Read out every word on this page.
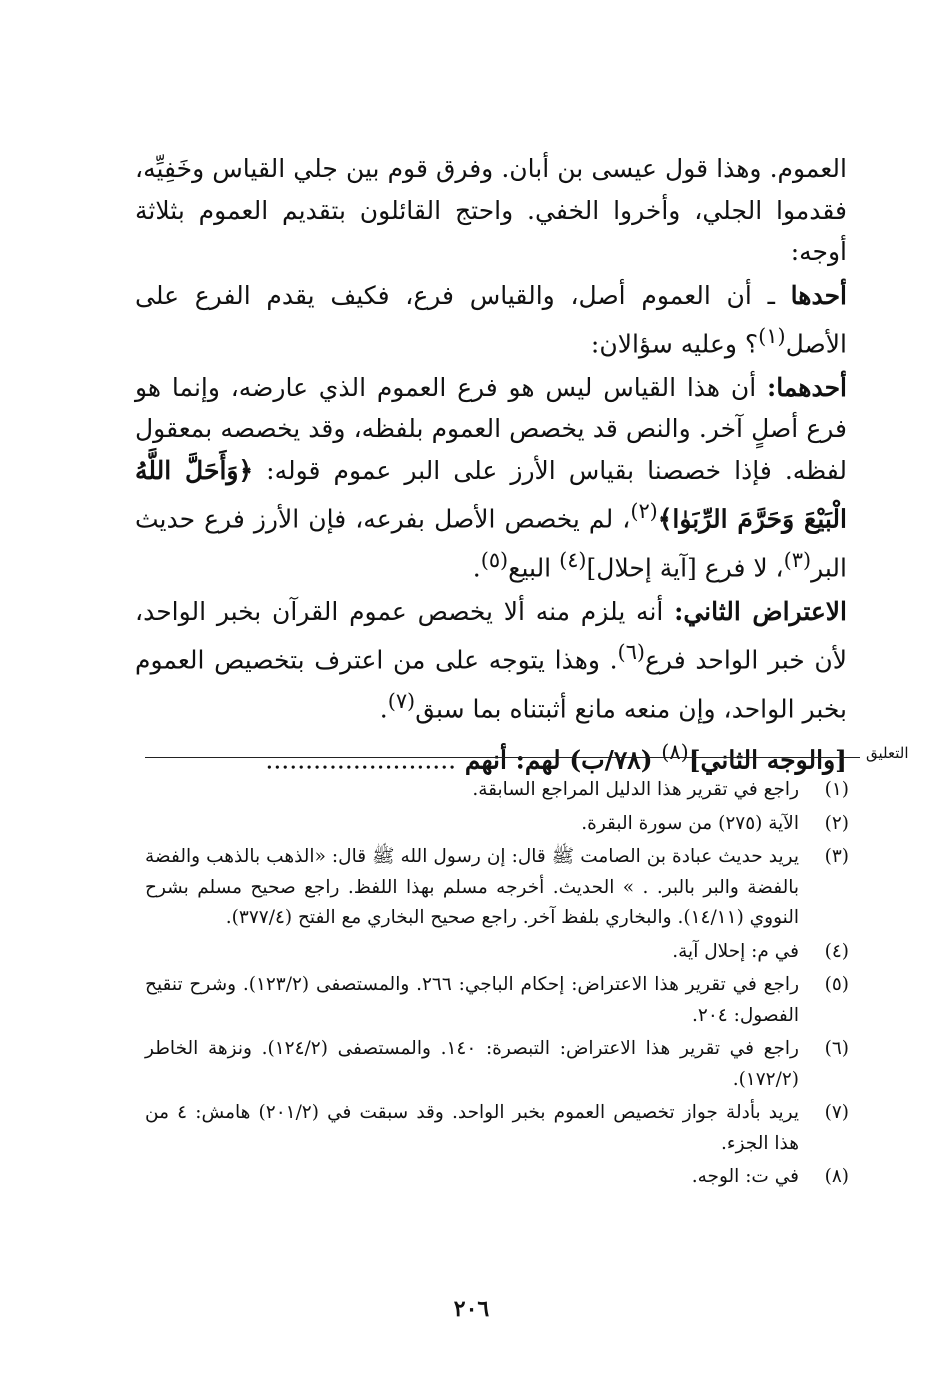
العموم. وهذا قول عيسى بن أبان. وفرق قوم بين جلي القياس وخَفِيِّه، فقدموا الجلي، وأخروا الخفي. واحتج القائلون بتقديم العموم بثلاثة أوجه:

أحدها ـ أن العموم أصل، والقياس فرع، فكيف يقدم الفرع على الأصل$^{(١)}$؟ وعليه سؤالان:

أحدهما: أن هذا القياس ليس هو فرع العموم الذي عارضه، وإنما هو فرع أصلٍ آخر. والنص قد يخصص العموم بلفظه، وقد يخصصه بمعقول لفظه. فإذا خصصنا بقياس الأرز على البر عموم قوله: ﴿وَأَحَلَّ اللَّهُ الْبَيْعَ وَحَرَّمَ الرِّبَوٰا﴾$^{(٢)}$، لم يخصص الأصل بفرعه، فإن الأرز فرع حديث البر$^{(٣)}$، لا فرع [آية إحلال]$^{(٤)}$ البيع$^{(٥)}$.

الاعتراض الثاني: أنه يلزم منه ألا يخصص عموم القرآن بخبر الواحد، لأن خبر الواحد فرع$^{(٦)}$. وهذا يتوجه على من اعترف بتخصيص العموم بخبر الواحد، وإن منعه مانع أثبتناه بما سبق$^{(٧)}$.

[والوجه الثاني]$^{(٨)}$ (٧٨/ب) لهم: أنهم ........................	التعليق
(١)
راجع في تقرير هذا الدليل المراجع السابقة.
(٢)
الآية (٢٧٥) من سورة البقرة.
(٣)
يريد حديث عبادة بن الصامت ﷺ قال: إن رسول الله ﷺ قال: «الذهب بالذهب والفضة بالفضة والبر بالبر. . » الحديث. أخرجه مسلم بهذا اللفظ. راجع صحيح مسلم بشرح النووي (١٤/١١). والبخاري بلفظ آخر. راجع صحيح البخاري مع الفتح (٣٧٧/٤).
(٤)
في م: إحلال آية.
(٥)
راجع في تقرير هذا الاعتراض: إحكام الباجي: ٢٦٦. والمستصفى (١٢٣/٢). وشرح تنقيح الفصول: ٢٠٤.
(٦)
راجع في تقرير هذا الاعتراض: التبصرة: ١٤٠. والمستصفى (١٢٤/٢). ونزهة الخاطر (١٧٢/٢).
(٧)
يريد بأدلة جواز تخصيص العموم بخبر الواحد. وقد سبقت في (٢٠١/٢) هامش: ٤ من هذا الجزء.
(٨)
في ت: الوجه.
٢٠٦
